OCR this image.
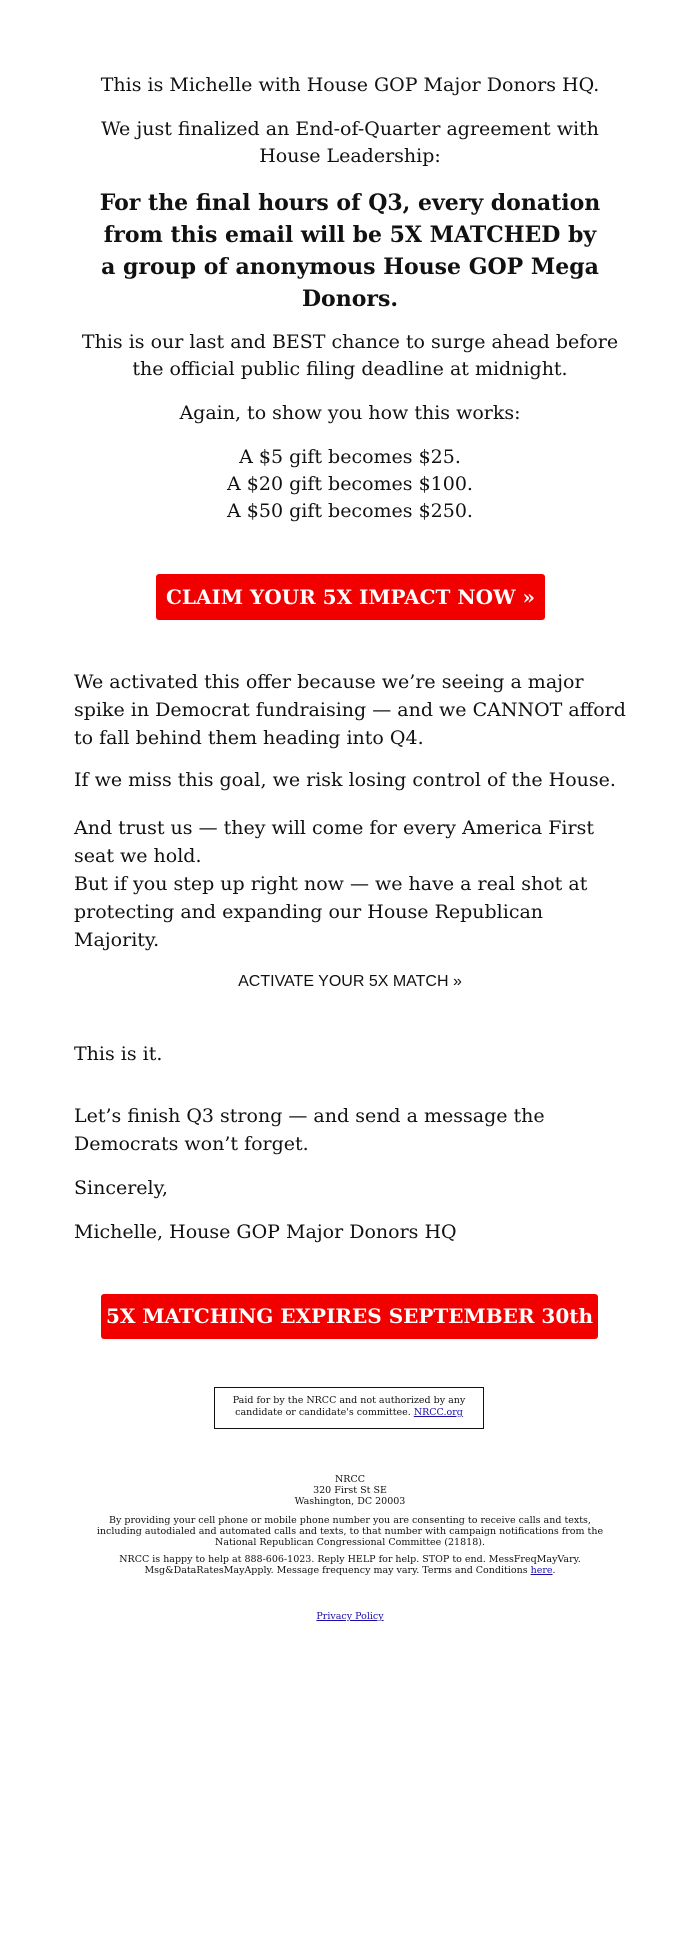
This is Michelle with House GOP Major Donors HQ.
We just finalized an End-of-Quarter agreement with House Leadership:
For the final hours of Q3, every donation from this email will be 5X MATCHED by a group of anonymous House GOP Mega Donors.
This is our last and BEST chance to surge ahead before the official public filing deadline at midnight.
Again, to show you how this works:
A $5 gift becomes $25.
A $20 gift becomes $100.
A $50 gift becomes $250.
CLAIM YOUR 5X IMPACT NOW »
We activated this offer because we’re seeing a major spike in Democrat fundraising — and we CANNOT afford to fall behind them heading into Q4.
If we miss this goal, we risk losing control of the House.
And trust us — they will come for every America First seat we hold.
But if you step up right now — we have a real shot at protecting and expanding our House Republican Majority.
ACTIVATE YOUR 5X MATCH »
This is it.
Let’s finish Q3 strong — and send a message the Democrats won’t forget.
Sincerely,
Michelle, House GOP Major Donors HQ
5X MATCHING EXPIRES SEPTEMBER 30th
Paid for by the NRCC and not authorized by any candidate or candidate's committee. NRCC.org
NRCC
320 First St SE
Washington, DC 20003
By providing your cell phone or mobile phone number you are consenting to receive calls and texts, including autodialed and automated calls and texts, to that number with campaign notifications from the National Republican Congressional Committee (21818).
NRCC is happy to help at 888-606-1023. Reply HELP for help. STOP to end. MessFreqMayVary. Msg&DataRatesMayApply. Message frequency may vary. Terms and Conditions here.
Privacy Policy
